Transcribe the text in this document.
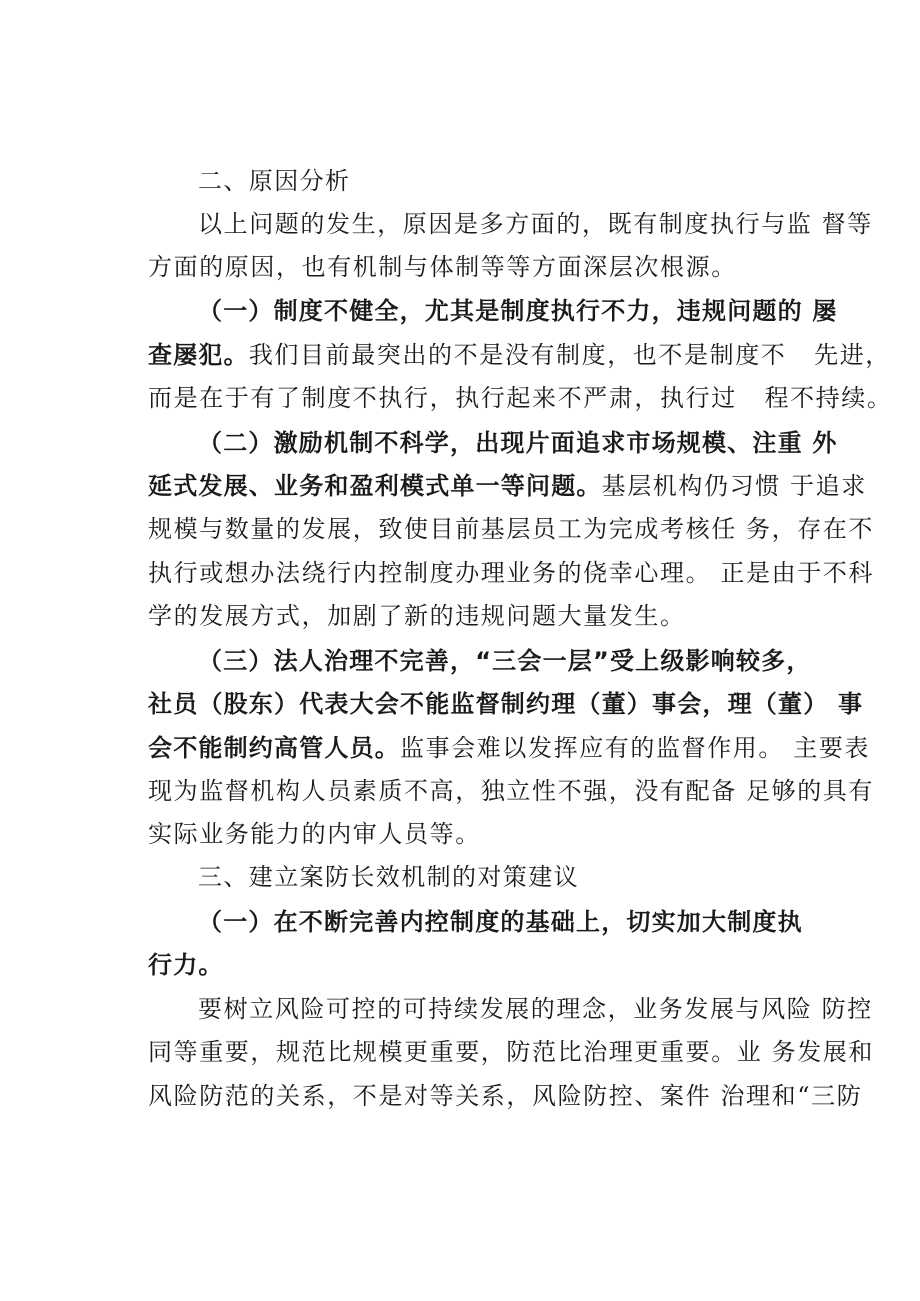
二、原因分析
以上问题的发生，原因是多方面的，既有制度执行与监 督等
方面的原因，也有机制与体制等等方面深层次根源。
（一）制度不健全，尤其是制度执行不力，违规问题的 屡
查屡犯。我们目前最突出的不是没有制度，也不是制度不   先进，
而是在于有了制度不执行，执行起来不严肃，执行过   程不持续。
（二）激励机制不科学，出现片面追求市场规模、注重 外
延式发展、业务和盈利模式单一等问题。基层机构仍习惯 于追求
规模与数量的发展，致使目前基层员工为完成考核任 务，存在不
执行或想办法绕行内控制度办理业务的侥幸心理。 正是由于不科
学的发展方式，加剧了新的违规问题大量发生。
（三）法人治理不完善，“三会一层”受上级影响较多，
社员（股东）代表大会不能监督制约理（董）事会，理（董） 事
会不能制约高管人员。监事会难以发挥应有的监督作用。 主要表
现为监督机构人员素质不高，独立性不强，没有配备 足够的具有
实际业务能力的内审人员等。
三、建立案防长效机制的对策建议
（一）在不断完善内控制度的基础上，切实加大制度执
行力。
要树立风险可控的可持续发展的理念，业务发展与风险 防控
同等重要，规范比规模更重要，防范比治理更重要。业 务发展和
风险防范的关系，不是对等关系，风险防控、案件 治理和“三防
